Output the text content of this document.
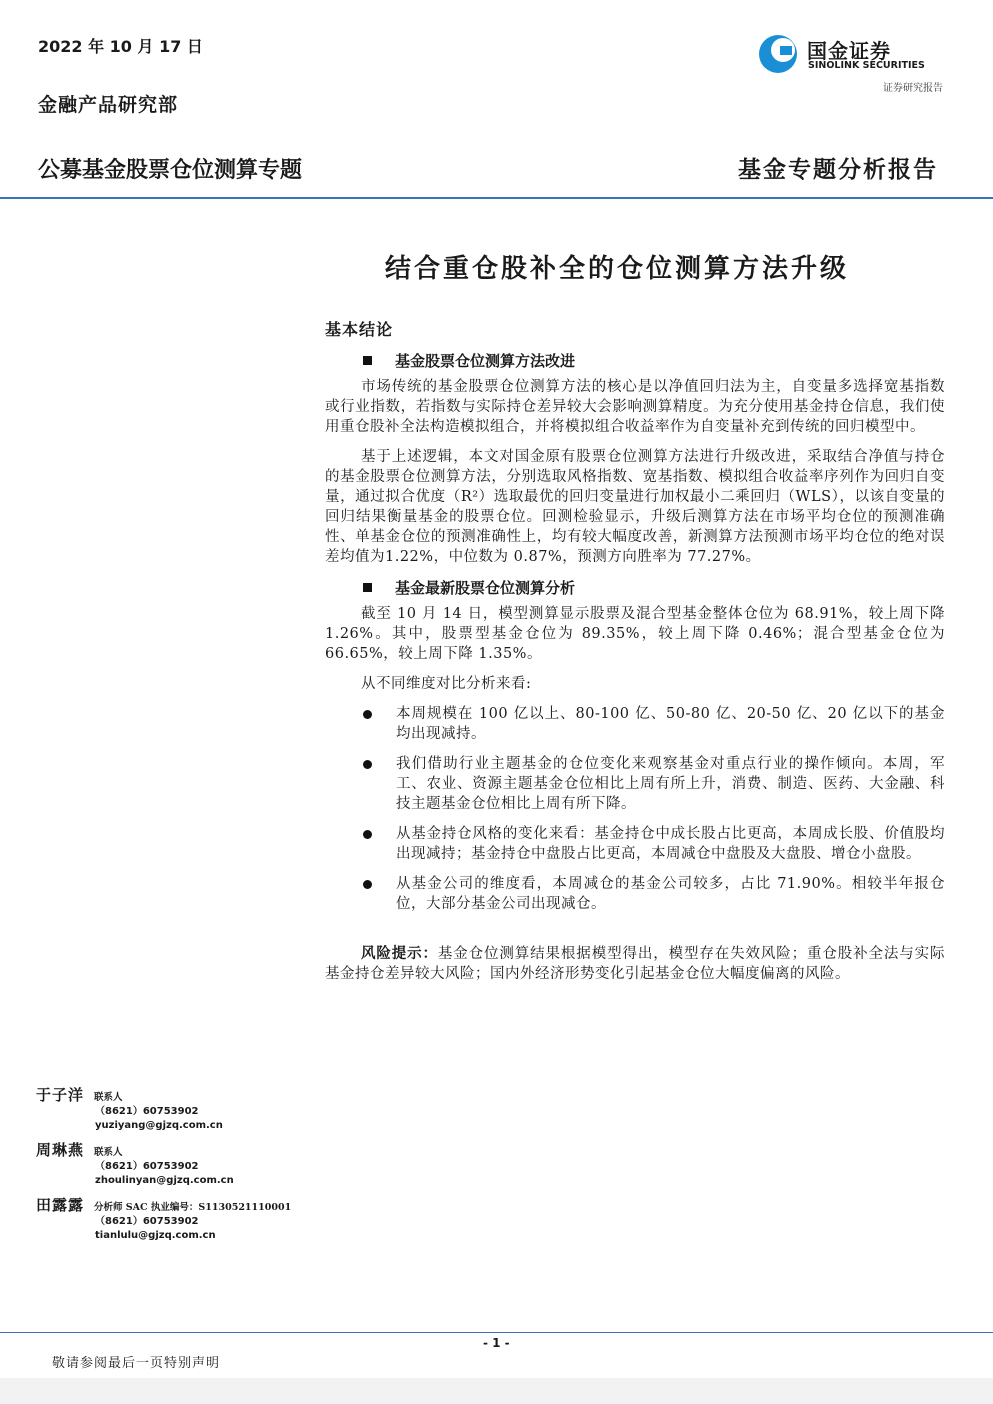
2022 年 10 月 17 日
金融产品研究部
国金证券
SINOLINK SECURITIES
证券研究报告
公募基金股票仓位测算专题	基金专题分析报告
结合重仓股补全的仓位测算方法升级
基本结论
基金股票仓位测算方法改进

市场传统的基金股票仓位测算方法的核心是以净值回归法为主，自变量多选择宽基指数或行业指数，若指数与实际持仓差异较大会影响测算精度。为充分使用基金持仓信息，我们使用重仓股补全法构造模拟组合，并将模拟组合收益率作为自变量补充到传统的回归模型中。

基于上述逻辑，本文对国金原有股票仓位测算方法进行升级改进，采取结合净值与持仓的基金股票仓位测算方法，分别选取风格指数、宽基指数、模拟组合收益率序列作为回归自变量，通过拟合优度（R²）选取最优的回归变量进行加权最小二乘回归（WLS），以该自变量的回归结果衡量基金的股票仓位。回测检验显示，升级后测算方法在市场平均仓位的预测准确性、单基金仓位的预测准确性上，均有较大幅度改善，新测算方法预测市场平均仓位的绝对误差均值为1.22%，中位数为 0.87%，预测方向胜率为 77.27%。

基金最新股票仓位测算分析

截至 10 月 14 日，模型测算显示股票及混合型基金整体仓位为 68.91%，较上周下降 1.26%。其中，股票型基金仓位为 89.35%，较上周下降 0.46%；混合型基金仓位为 66.65%，较上周下降 1.35%。

从不同维度对比分析来看:

本周规模在 100 亿以上、80-100 亿、50-80 亿、20-50 亿、20 亿以下的基金均出现减持。
我们借助行业主题基金的仓位变化来观察基金对重点行业的操作倾向。本周，军工、农业、资源主题基金仓位相比上周有所上升，消费、制造、医药、大金融、科技主题基金仓位相比上周有所下降。
从基金持仓风格的变化来看：基金持仓中成长股占比更高，本周成长股、价值股均出现减持；基金持仓中盘股占比更高，本周减仓中盘股及大盘股、增仓小盘股。
从基金公司的维度看，本周减仓的基金公司较多，占比 71.90%。相较半年报仓位，大部分基金公司出现减仓。

风险提示：基金仓位测算结果根据模型得出，模型存在失效风险；重仓股补全法与实际基金持仓差异较大风险；国内外经济形势变化引起基金仓位大幅度偏离的风险。

于子洋	联系人
（8621）60753902
yuziyang@gjzq.com.cn
周琳燕	联系人
（8621）60753902
zhoulinyan@gjzq.com.cn
田露露	分析师 SAC 执业编号：S1130521110001
（8621）60753902
tianlulu@gjzq.com.cn
- 1 -
敬请参阅最后一页特别声明
